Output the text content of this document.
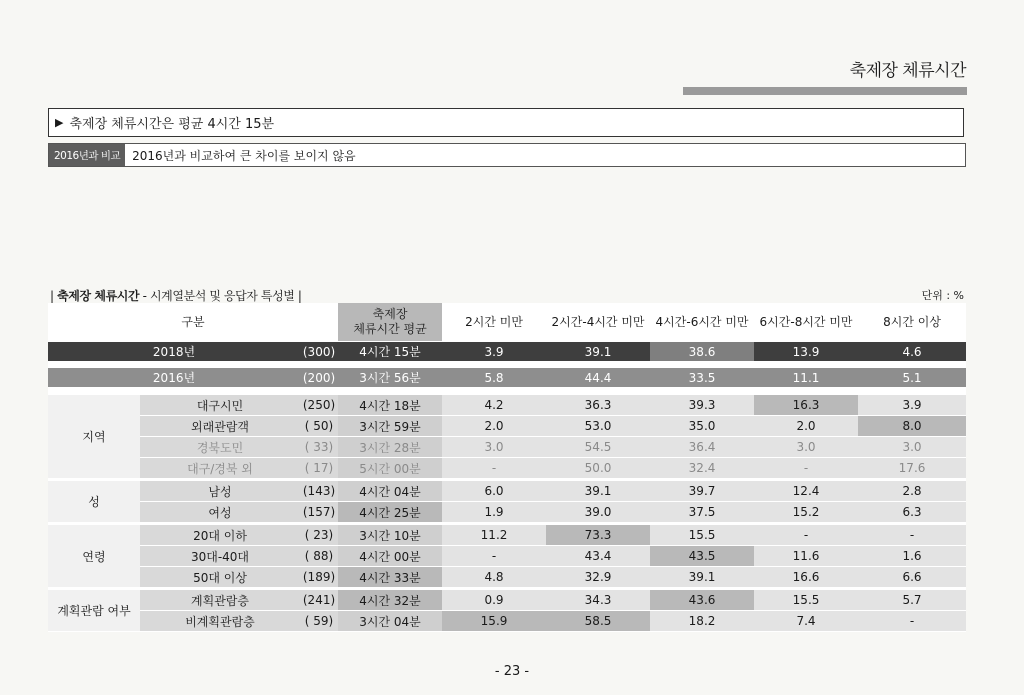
축제장 체류시간
▶ 축제장 체류시간은 평균 4시간 15분
2016년과 비교	2016년과 비교하여 큰 차이를 보이지 않음
| 축제장 체류시간 - 시계열분석 및 응답자 특성별 |	단위 : %
구분			축제장
체류시간 평균	2시간 미만	2시간-4시간 미만	4시간-6시간 미만	6시간-8시간 미만	8시간 이상
2018년		(300)	4시간 15분	3.9	39.1	38.6	13.9	4.6

2016년		(200)	3시간 56분	5.8	44.4	33.5	11.1	5.1
지역	대구시민	(250)	4시간 18분	4.2	36.3	39.3	16.3	3.9
	외래관람객	( 50)	3시간 59분	2.0	53.0	35.0	2.0	8.0
	경북도민	( 33)	3시간 28분	3.0	54.5	36.4	3.0	3.0
	대구/경북 외	( 17)	5시간 00분	-	50.0	32.4	-	17.6
성	남성	(143)	4시간 04분	6.0	39.1	39.7	12.4	2.8
	여성	(157)	4시간 25분	1.9	39.0	37.5	15.2	6.3
연령	20대 이하	( 23)	3시간 10분	11.2	73.3	15.5	-	-
	30대-40대	( 88)	4시간 00분	-	43.4	43.5	11.6	1.6
	50대 이상	(189)	4시간 33분	4.8	32.9	39.1	16.6	6.6
계획관람 여부	계획관람층	(241)	4시간 32분	0.9	34.3	43.6	15.5	5.7
	비계획관람층	( 59)	3시간 04분	15.9	58.5	18.2	7.4	-
- 23 -
